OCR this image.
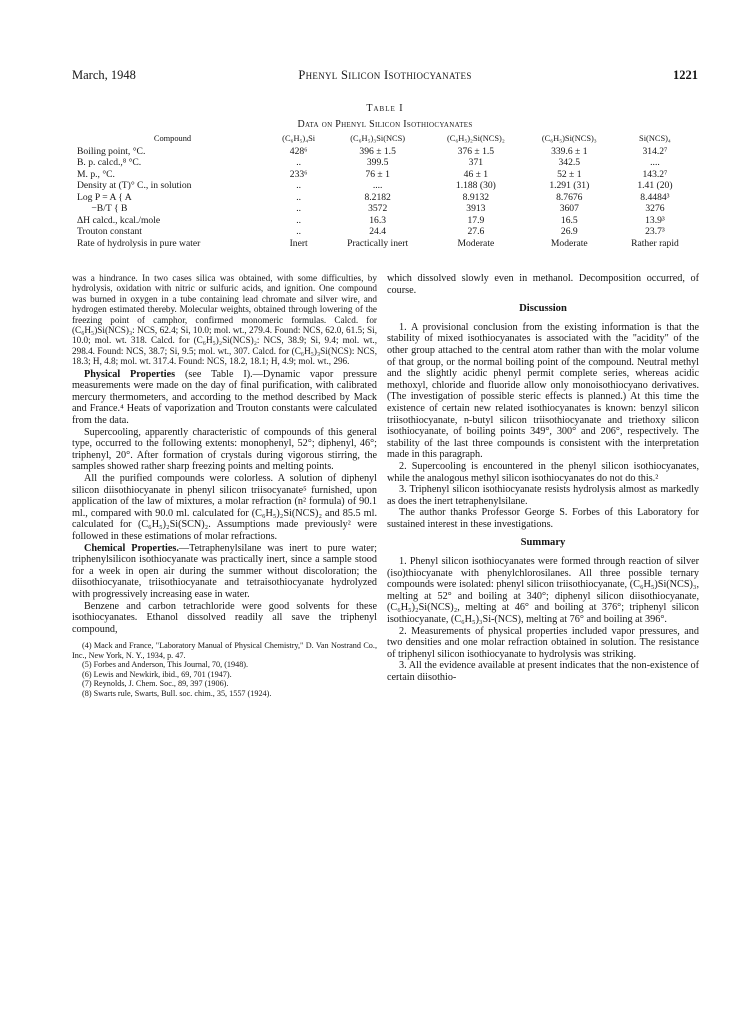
March, 1948	Phenyl Silicon Isothiocyanates	1221
Table I
Data on Phenyl Silicon Isothiocyanates
Compound	(C₆H₅)₄Si	(C₆H₅)₃Si(NCS)	(C₆H₅)₂Si(NCS)₂	(C₆H₅)Si(NCS)₃	Si(NCS)₄
Boiling point, °C.	428⁶	396 ± 1.5	376 ± 1.5	339.6 ± 1	314.2⁷
B. p. calcd.,⁸ °C.	..	399.5	371	342.5	....
M. p., °C.	233⁶	76 ± 1	46 ± 1	52 ± 1	143.2⁷
Density at (T)° C., in solution	..	....	1.188 (30)	1.291 (31)	1.41 (20)
Log P = A { A	..	8.2182	8.9132	8.7676	8.4484³
−B/T { B	..	3572	3913	3607	3276
ΔH calcd., kcal./mole	..	16.3	17.9	16.5	13.9³
Trouton constant	..	24.4	27.6	26.9	23.7³
Rate of hydrolysis in pure water	Inert	Practically inert	Moderate	Moderate	Rather rapid

was a hindrance. In two cases silica was obtained, with some difficulties, by hydrolysis, oxidation with nitric or sulfuric acids, and ignition. One compound was burned in oxygen in a tube containing lead chromate and silver wire, and hydrogen estimated thereby. Molecular weights, obtained through lowering of the freezing point of camphor, confirmed monomeric formulas. Calcd. for (C₆H₅)Si(NCS)₃: NCS, 62.4; Si, 10.0; mol. wt., 279.4. Found: NCS, 62.0, 61.5; Si, 10.0; mol. wt. 318. Calcd. for (C₆H₅)₂Si(NCS)₂: NCS, 38.9; Si, 9.4; mol. wt., 298.4. Found: NCS, 38.7; Si, 9.5; mol. wt., 307. Calcd. for (C₆H₅)₃Si(NCS): NCS, 18.3; H, 4.8; mol. wt. 317.4. Found: NCS, 18.2, 18.1; H, 4.9; mol. wt., 296.

Physical Properties (see Table I).—Dynamic vapor pressure measurements were made on the day of final purification, with calibrated mercury thermometers, and according to the method described by Mack and France.⁴ Heats of vaporization and Trouton constants were calculated from the data.

Supercooling, apparently characteristic of compounds of this general type, occurred to the following extents: monophenyl, 52°; diphenyl, 46°; triphenyl, 20°. After formation of crystals during vigorous stirring, the samples showed rather sharp freezing points and melting points.

All the purified compounds were colorless. A solution of diphenyl silicon diisothiocyanate in phenyl silicon triisocyanate⁵ furnished, upon application of the law of mixtures, a molar refraction (n² formula) of 90.1 ml., compared with 90.0 ml. calculated for (C₆H₅)₂Si(NCS)₂ and 85.5 ml. calculated for (C₆H₅)₂Si(SCN)₂. Assumptions made previously² were followed in these estimations of molar refractions.

Chemical Properties.—Tetraphenylsilane was inert to pure water; triphenylsilicon isothiocyanate was practically inert, since a sample stood for a week in open air during the summer without discoloration; the diisothiocyanate, triisothiocyanate and tetraisothiocyanate hydrolyzed with progressively increasing ease in water.

Benzene and carbon tetrachloride were good solvents for these isothiocyanates. Ethanol dissolved readily all save the triphenyl compound,

(4) Mack and France, "Laboratory Manual of Physical Chemistry," D. Van Nostrand Co., Inc., New York, N. Y., 1934, p. 47.

(5) Forbes and Anderson, This Journal, 70, (1948).

(6) Lewis and Newkirk, ibid., 69, 701 (1947).

(7) Reynolds, J. Chem. Soc., 89, 397 (1906).

(8) Swarts rule, Swarts, Bull. soc. chim., 35, 1557 (1924).

which dissolved slowly even in methanol. Decomposition occurred, of course.

Discussion

1. A provisional conclusion from the existing information is that the stability of mixed isothiocyanates is associated with the "acidity" of the other group attached to the central atom rather than with the molar volume of that group, or the normal boiling point of the compound. Neutral methyl and the slightly acidic phenyl permit complete series, whereas acidic methoxyl, chloride and fluoride allow only monoisothiocyano derivatives. (The investigation of possible steric effects is planned.) At this time the existence of certain new related isothiocyanates is known: benzyl silicon triisothiocyanate, n-butyl silicon triisothiocyanate and triethoxy silicon isothiocyanate, of boiling points 349°, 300° and 206°, respectively. The stability of the last three compounds is consistent with the interpretation made in this paragraph.

2. Supercooling is encountered in the phenyl silicon isothiocyanates, while the analogous methyl silicon isothiocyanates do not do this.²

3. Triphenyl silicon isothiocyanate resists hydrolysis almost as markedly as does the inert tetraphenylsilane.

The author thanks Professor George S. Forbes of this Laboratory for sustained interest in these investigations.

Summary

1. Phenyl silicon isothiocyanates were formed through reaction of silver (iso)thiocyanate with phenylchlorosilanes. All three possible ternary compounds were isolated: phenyl silicon triisothiocyanate, (C₆H₅)Si(NCS)₃, melting at 52° and boiling at 340°; diphenyl silicon diisothiocyanate, (C₆H₅)₂Si(NCS)₂, melting at 46° and boiling at 376°; triphenyl silicon isothiocyanate, (C₆H₅)₃Si-(NCS), melting at 76° and boiling at 396°.

2. Measurements of physical properties included vapor pressures, and two densities and one molar refraction obtained in solution. The resistance of triphenyl silicon isothiocyanate to hydrolysis was striking.

3. All the evidence available at present indicates that the non-existence of certain diisothio-
